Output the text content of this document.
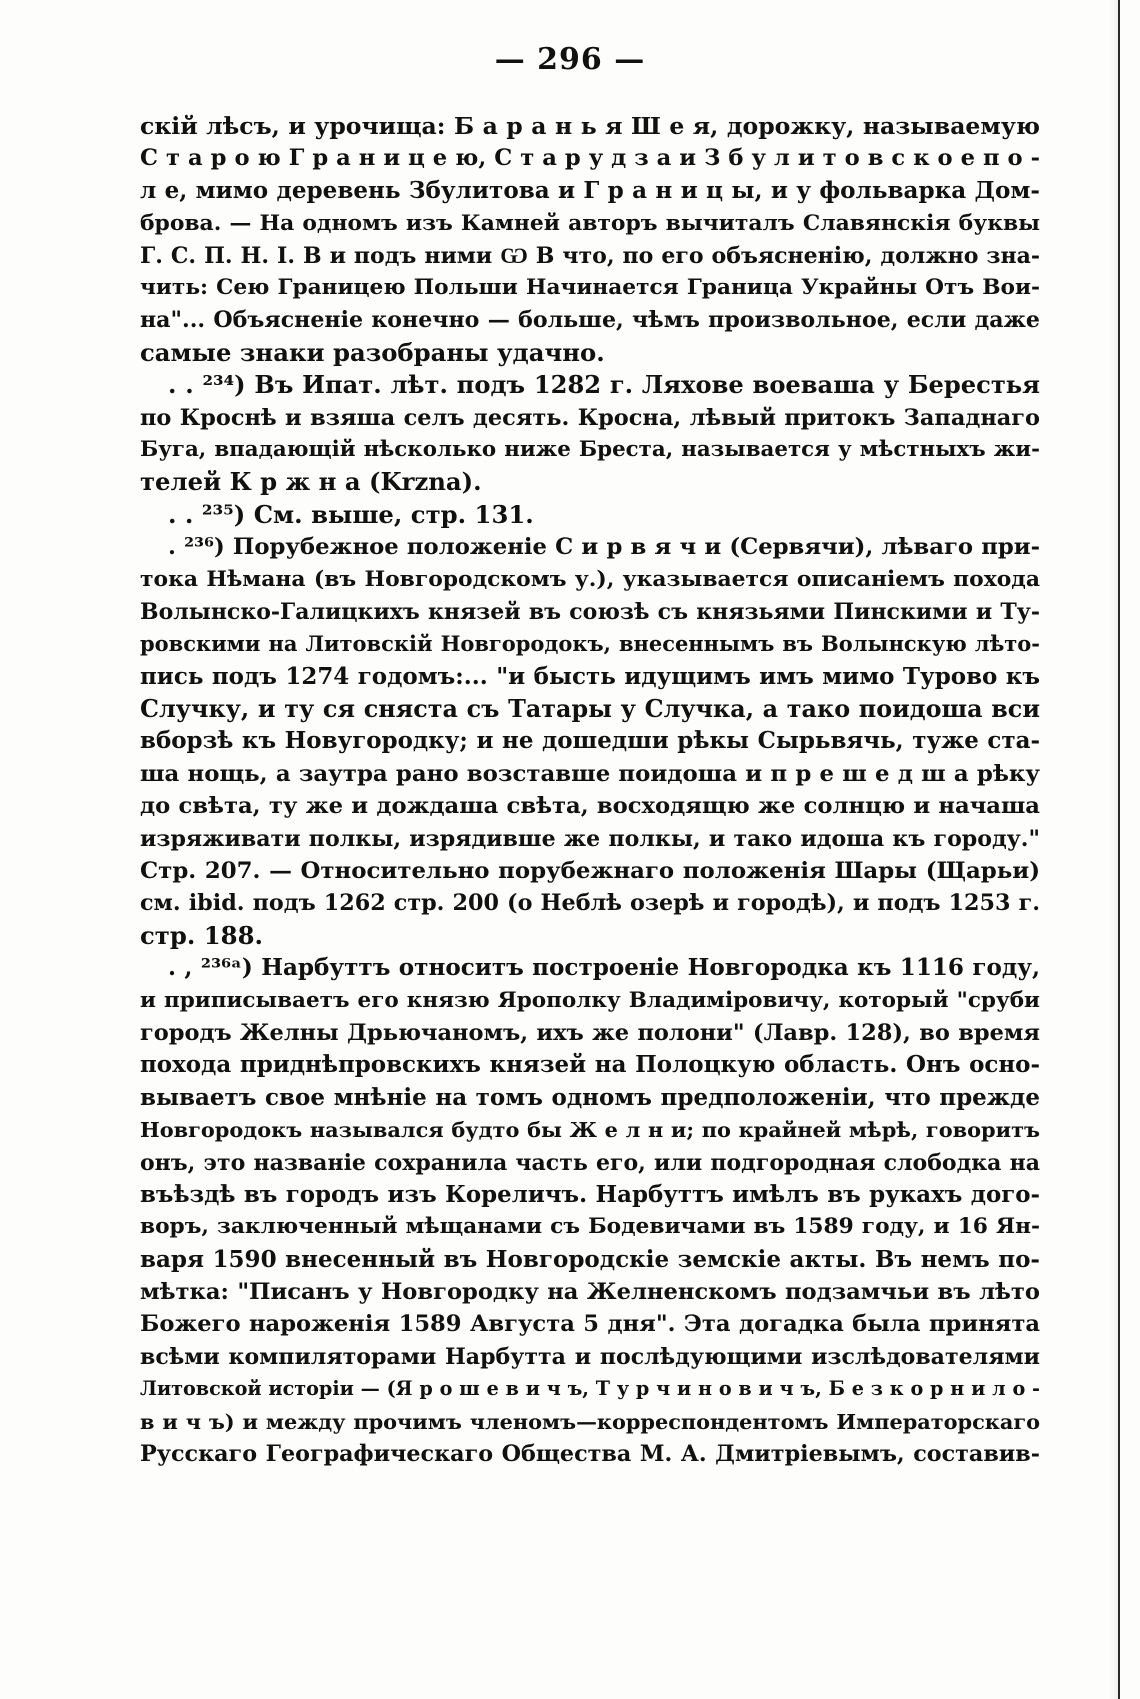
— 296 —
скій лѣсъ, и урочища: Б а р а н ь я Ш е я, дорожку, называемую
С т а р о ю Г р а н и ц е ю, С т а р у д з а и З б у л и т о в с к о е п о -
л е, мимо деревень Збулитова и Г р а н и ц ы, и у фольварка Дом-
брова. — На одномъ изъ Камней авторъ вычиталъ Славянскія буквы
Г. С. П. Н. І. В и подъ ними Ѡ В что, по его объясненію, должно зна-
чить: Сею Границею Польши Начинается Граница Украйны Отъ Вои-
на"... Объясненіе конечно — больше, чѣмъ произвольное, если даже
самые знаки разобраны удачно.
. . ²³⁴) Въ Ипат. лѣт. подъ 1282 г. Ляхове воеваша у Берестья
по Кроснѣ и взяша селъ десять. Кросна, лѣвый притокъ Западнаго
Буга, впадающій нѣсколько ниже Бреста, называется у мѣстныхъ жи-
телей К р ж н а (Krzna).
. . ²³⁵) См. выше, стр. 131.
. ²³⁶) Порубежное положеніе С и р в я ч и (Сервячи), лѣваго при-
тока Нѣмана (въ Новгородскомъ у.), указывается описаніемъ похода
Волынско-Галицкихъ князей въ союзѣ съ князьями Пинскими и Ту-
ровскими на Литовскій Новгородокъ, внесеннымъ въ Волынскую лѣто-
пись подъ 1274 годомъ:... "и бысть идущимъ имъ мимо Турово къ
Случку, и ту ся сняста съ Татары у Случка, а тако поидоша вси
вборзѣ къ Новугородку; и не дошедши рѣкы Сырьвячь, туже ста-
ша нощь, а заутра рано возставше поидоша и п р е ш е д ш а рѣку
до свѣта, ту же и дождаша свѣта, восходящю же солнцю и начаша
изряживати полкы, изрядивше же полкы, и тако идоша къ городу."
Стр. 207. — Относительно порубежнаго положенія Шары (Щарьи)
см. ibid. подъ 1262 стр. 200 (о Неблѣ озерѣ и городѣ), и подъ 1253 г.
стр. 188.
. , ²³⁶ᵃ) Нарбуттъ относитъ построеніе Новгородка къ 1116 году,
и приписываетъ его князю Ярополку Владиміровичу, который "сруби
городъ Желны Дрьючаномъ, ихъ же полони" (Лавр. 128), во время
похода приднѣпровскихъ князей на Полоцкую область. Онъ осно-
вываетъ свое мнѣніе на томъ одномъ предположеніи, что прежде
Новгородокъ назывался будто бы Ж е л н и; по крайней мѣрѣ, говоритъ
онъ, это названіе сохранила часть его, или подгородная слободка на
въѣздѣ въ городъ изъ Кореличъ. Нарбуттъ имѣлъ въ рукахъ дого-
воръ, заключенный мѣщанами съ Бодевичами въ 1589 году, и 16 Ян-
варя 1590 внесенный въ Новгородскіе земскіе акты. Въ немъ по-
мѣтка: "Писанъ у Новгородку на Желненскомъ подзамчьи въ лѣто
Божего нароженія 1589 Августа 5 дня". Эта догадка была принята
всѣми компиляторами Нарбутта и послѣдующими изслѣдователями
Литовской исторіи — (Я р о ш е в и ч ъ, Т у р ч и н о в и ч ъ, Б е з к о р н и л о -
в и ч ъ) и между прочимъ членомъ—корреспондентомъ Императорскаго
Русскаго Географическаго Общества М. А. Дмитріевымъ, составив-
